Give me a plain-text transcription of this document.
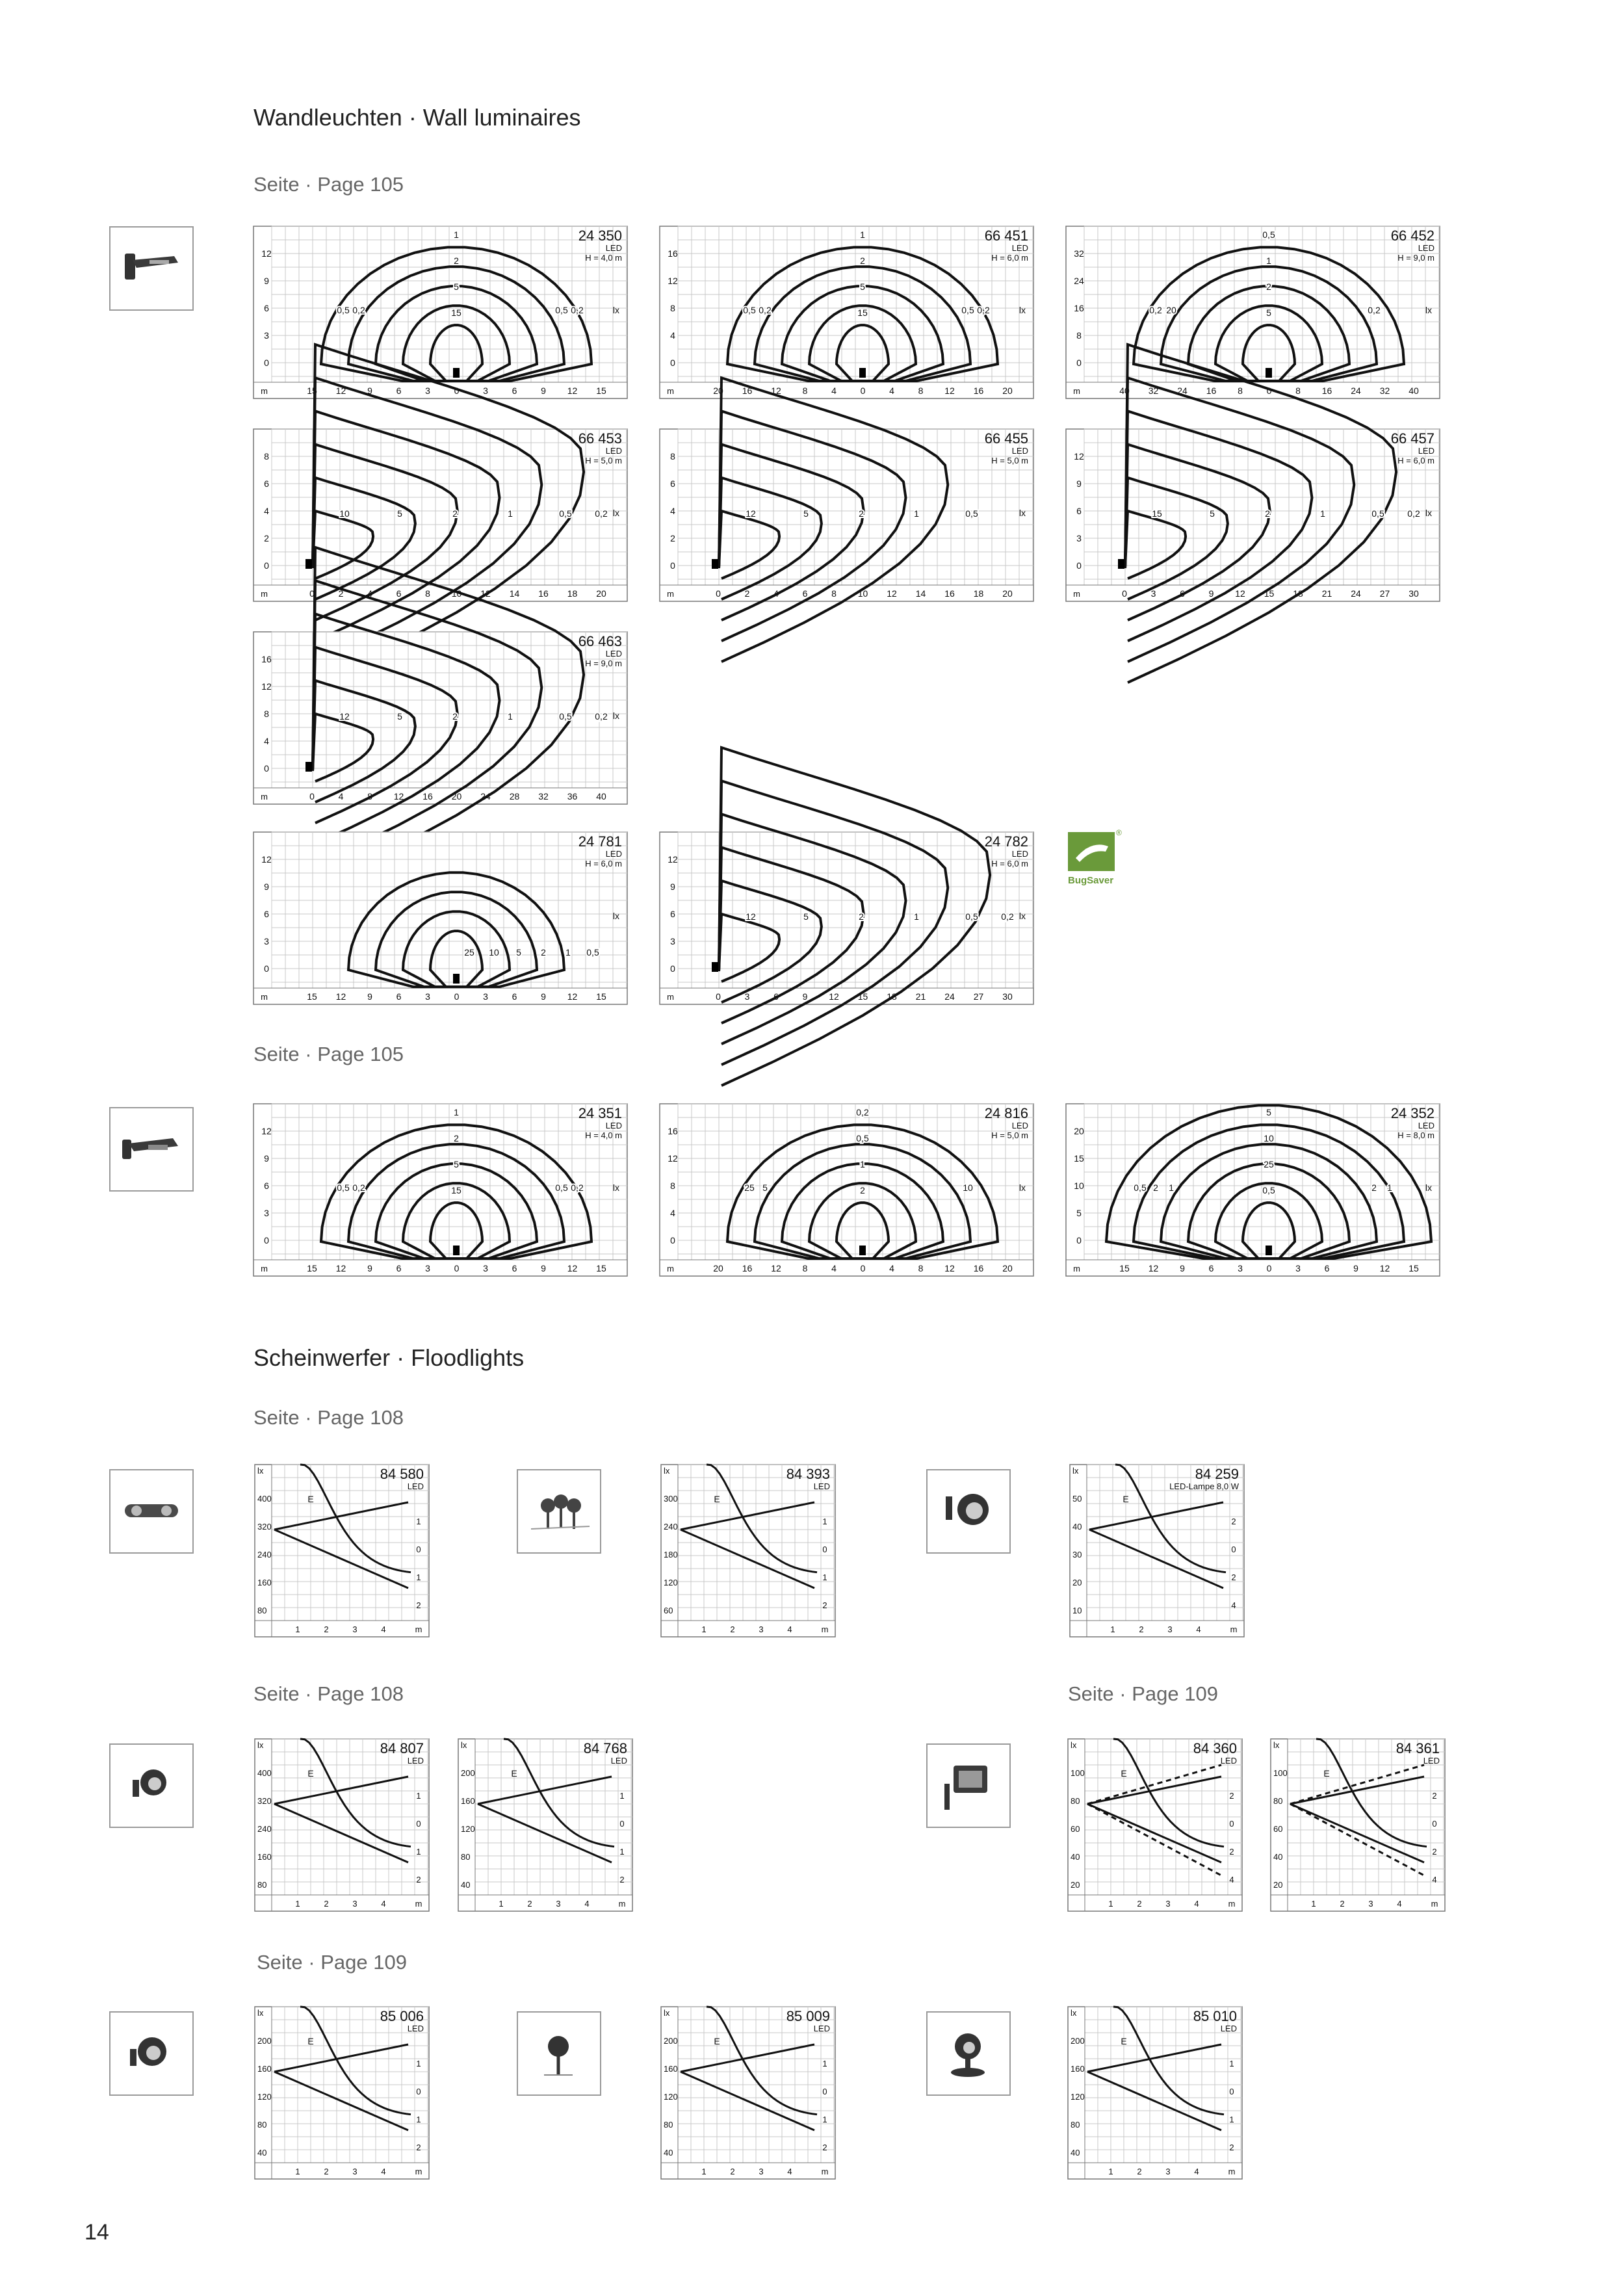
Wandleuchten · Wall luminaires
Seite · Page 105
Seite · Page 105
Scheinwerfer · Floodlights
Seite · Page 108
Seite · Page 108	Seite · Page 109
Seite · Page 109
®
BugSaver
m	15 12 9	6	3	0	3	6	9 12 15
12
9
6
3
0
24 350
LED
H = 4,0 m
lx
1
2
5
15
0,2	0,5
0,5	0,2
m	20 16 12 8	4	0	4	8 12 16 20
16
12
8
4
0
66 451
LED
H = 6,0 m
lx
1
2
5
15
0,2	0,5
0,5	0,2
m	40 32 24 16 8	0	8 16 24 32 40
32
24
16
8
0
66 452
LED
H = 9,0 m
lx
0,5
1
2
5
20	0,2
0,2
m	0	2	4	6	8 10 12 14 16 18 20
8
6
4
2
0
66 453
LED
H = 5,0 m
lx
10	5	2	1	0,5	0,2
m	0	2	4	6	8 10 12 14 16 18 20
8
6
4
2
0
66 455
LED
H = 5,0 m
lx
12	5	2	1	0,5
m	0	3	6	9 12 15 18 21 24 27 30
12
9
6
3
0
66 457
LED
H = 6,0 m
lx
15	5	2	1	0,5	0,2
m	0	4	8 12 16 20 24 28 32 36 40
16
12
8
4
0
66 463
LED
H = 9,0 m
lx
12	5	2	1	0,5	0,2
m	15 12 9	6	3	0	3	6	9 12 15
12
9
6
3
0
24 781
LED
H = 6,0 m
lx
25 10 5 2 1 0,5
m	0	3	6	9 12 15 18 21 24 27 30
12
9
6
3
0
24 782
LED
H = 6,0 m
lx
12	5	2	1	0,5	0,2
m	15 12 9	6	3	0	3	6	9 12 15
12
9
6
3
0
24 351
LED
H = 4,0 m
lx
1
2
5
15
0,2	0,5
0,5	0,2
m	20 16 12 8	4	0	4	8 12 16 20
16
12
8
4
0
24 816
LED
H = 5,0 m
lx
0,2
0,5
1
2
5	10
25
m	15 12 9	6	3	0	3	6	9 12 15
20
15
10
5
0
24 352
LED
H = 8,0 m
lx
5
10
25
0,5
1	2
2	1
0,5
lx
400
320
240
160
80
1
0
1
2
1	2	3	4	m
84 580
LED
E
lx
300
240
180
120
60
1
0
1
2
1	2	3	4	m
84 393
LED
E
lx
50
40
30
20
10
2
0
2
4
1	2	3	4	m
84 259
LED-Lampe 8,0 W
E
lx
400
320
240
160
80
1
0
1
2
1	2	3	4	m
84 807
LED
E
lx
200
160
120
80
40
1
0
1
2
1	2	3	4	m
84 768
LED
E
lx
100
80
60
40
20
2
0
2
4
1	2	3	4	m
84 360
LED
E
lx
100
80
60
40
20
2
0
2
4
1	2	3	4	m
84 361
LED
E
lx
200
160
120
80
40
1
0
1
2
1	2	3	4	m
85 006
LED
E
lx
200
160
120
80
40
1
0
1
2
1	2	3	4	m
85 009
LED
E
lx
200
160
120
80
40
1
0
1
2
1	2	3	4	m
85 010
LED
E
14
